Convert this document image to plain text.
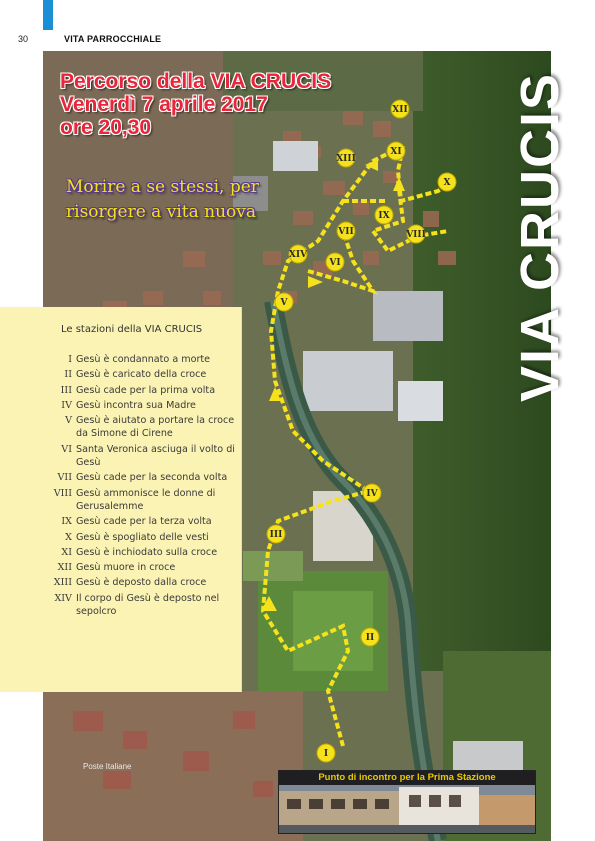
30	VITA PARROCCHIALE
I
II
III
IV
V
VI
VII	VIII
IX
X
XI
XII
XIII
XIV
Poste Italiane
Percorso della VIA CRUCIS
Venerdì 7 aprile 2017
ore 20,30
Morire a se stessi, per
risorgere a vita nuova	VIA CRUCIS
Le stazioni della VIA CRUCIS
I Gesù è condannato a morte
II Gesù è caricato della croce
III Gesù cade per la prima volta
IV Gesù incontra sua Madre
V Gesù è aiutato a portare la croce da Simone di Cirene
VI Santa Veronica asciuga il volto di Gesù
VII Gesù cade per la seconda volta
VIII Gesù ammonisce le donne di Gerusalemme
IX Gesù cade per la terza volta
X Gesù è spogliato delle vesti
XI Gesù è inchiodato sulla croce
XII Gesù muore in croce
XIII Gesù è deposto dalla croce
XIV Il corpo di Gesù è deposto nel sepolcro
Punto di incontro per la Prima Stazione
